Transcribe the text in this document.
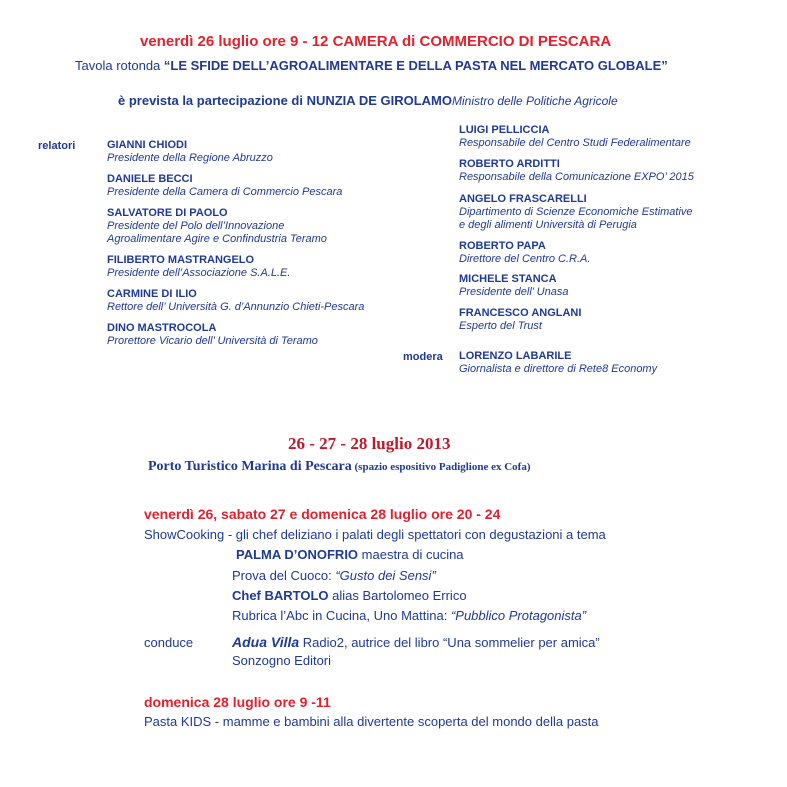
venerdì 26 luglio ore 9 - 12 CAMERA di COMMERCIO DI PESCARA
Tavola rotonda “LE SFIDE DELL’AGROALIMENTARE E DELLA PASTA NEL MERCATO GLOBALE”
è prevista la partecipazione di NUNZIA DE GIROLAMOMinistro delle Politiche Agricole
relatori	GIANNI CHIODI
Presidente della Regione Abruzzo
DANIELE BECCI
Presidente della Camera di Commercio Pescara
SALVATORE DI PAOLO
Presidente del Polo dell’Innovazione
Agroalimentare Agire e Confindustria Teramo
FILIBERTO MASTRANGELO
Presidente dell’Associazione S.A.L.E.
CARMINE DI ILIO
Rettore dell’ Università G. d’Annunzio Chieti-Pescara
DINO MASTROCOLA
Prorettore Vicario dell’ Università di Teramo
LUIGI PELLICCIA
Responsabile del Centro Studi Federalimentare
ROBERTO ARDITTI
Responsabile della Comunicazione EXPO’ 2015
ANGELO FRASCARELLI
Dipartimento di Scienze Economiche Estimative
e degli alimenti Università di Perugia
ROBERTO PAPA
Direttore del Centro C.R.A.
MICHELE STANCA
Presidente dell’ Unasa
FRANCESCO ANGLANI
Esperto del Trust
modera LORENZO LABARILE
Giornalista e direttore di Rete8 Economy
26 - 27 - 28 luglio 2013
Porto Turistico Marina di Pescara (spazio espositivo Padiglione ex Cofa)
venerdì 26, sabato 27 e domenica 28 luglio ore 20 - 24
ShowCooking - gli chef deliziano i palati degli spettatori con degustazioni a tema
PALMA D’ONOFRIO maestra di cucina
Prova del Cuoco: “Gusto dei Sensi”
Chef BARTOLO alias Bartolomeo Errico
Rubrica l’Abc in Cucina, Uno Mattina: “Pubblico Protagonista”
conduce	Adua Villa Radio2, autrice del libro “Una sommelier per amica”
Sonzogno Editori
domenica 28 luglio ore 9 -11
Pasta KIDS - mamme e bambini alla divertente scoperta del mondo della pasta
